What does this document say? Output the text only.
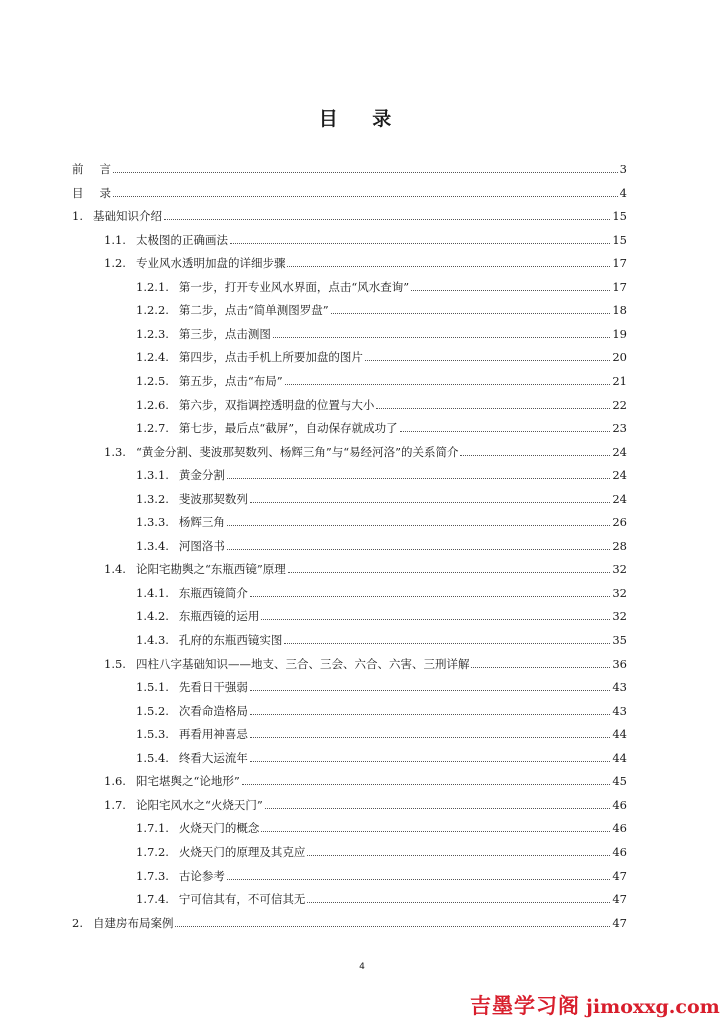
目 录
前 言	3
目 录	4
1. 基础知识介绍	15
1.1. 太极图的正确画法	15
1.2. 专业风水透明加盘的详细步骤	17
1.2.1. 第一步，打开专业风水界面，点击“风水查询”	17
1.2.2. 第二步，点击“简单测图罗盘”	18
1.2.3. 第三步，点击测图	19
1.2.4. 第四步，点击手机上所要加盘的图片	20
1.2.5. 第五步，点击“布局”	21
1.2.6. 第六步，双指调控透明盘的位置与大小	22
1.2.7. 第七步，最后点“截屏”，自动保存就成功了	23
1.3. “黄金分割、斐波那契数列、杨辉三角”与“易经河洛”的关系简介	24
1.3.1. 黄金分割	24
1.3.2. 斐波那契数列	24
1.3.3. 杨辉三角	26
1.3.4. 河图洛书	28
1.4. 论阳宅勘舆之“东瓶西镜”原理	32
1.4.1. 东瓶西镜简介	32
1.4.2. 东瓶西镜的运用	32
1.4.3. 孔府的东瓶西镜实图	35
1.5. 四柱八字基础知识——地支、三合、三会、六合、六害、三刑详解	36
1.5.1. 先看日干强弱	43
1.5.2. 次看命造格局	43
1.5.3. 再看用神喜忌	44
1.5.4. 终看大运流年	44
1.6. 阳宅堪舆之“论地形”	45
1.7. 论阳宅风水之“火烧天门”	46
1.7.1. 火烧天门的概念	46
1.7.2. 火烧天门的原理及其克应	46
1.7.3. 古论参考	47
1.7.4. 宁可信其有，不可信其无	47
2. 自建房布局案例	47
4
吉墨学习阁 jimoxxg.com
